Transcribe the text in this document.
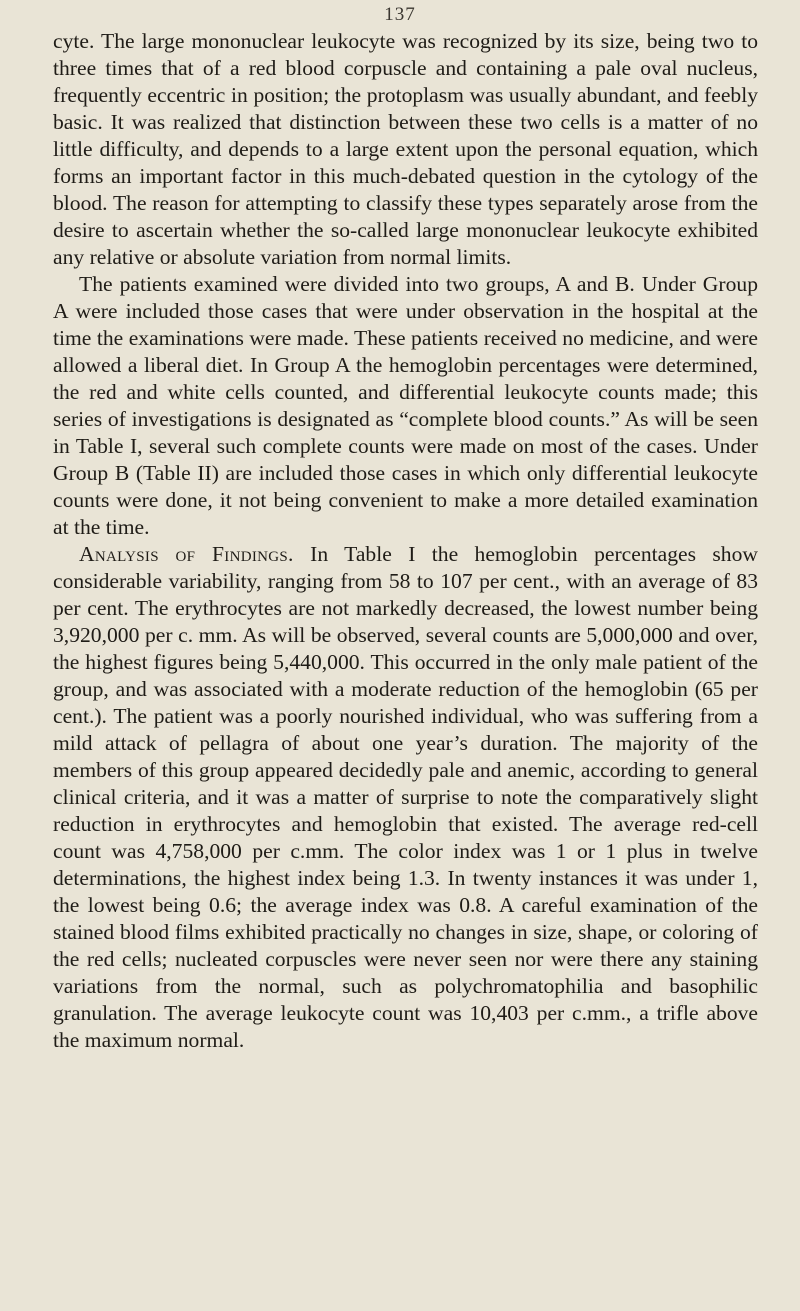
137

cyte. The large mononuclear leukocyte was recognized by its size, being two to three times that of a red blood corpuscle and containing a pale oval nucleus, frequently eccentric in position; the protoplasm was usually abundant, and feebly basic. It was realized that distinction between these two cells is a matter of no little difficulty, and depends to a large extent upon the personal equation, which forms an important factor in this much-debated question in the cytology of the blood. The reason for attempting to classify these types separately arose from the desire to ascertain whether the so-called large mononuclear leukocyte exhibited any relative or absolute variation from normal limits.

The patients examined were divided into two groups, A and B. Under Group A were included those cases that were under observation in the hospital at the time the examinations were made. These patients received no medicine, and were allowed a liberal diet. In Group A the hemoglobin percentages were determined, the red and white cells counted, and differential leukocyte counts made; this series of investigations is designated as “complete blood counts.” As will be seen in Table I, several such complete counts were made on most of the cases. Under Group B (Table II) are included those cases in which only differential leukocyte counts were done, it not being convenient to make a more detailed examination at the time.

Analysis of Findings. In Table I the hemoglobin percentages show considerable variability, ranging from 58 to 107 per cent., with an average of 83 per cent. The erythrocytes are not markedly decreased, the lowest number being 3,920,000 per c. mm. As will be observed, several counts are 5,000,000 and over, the highest figures being 5,440,000. This occurred in the only male patient of the group, and was associated with a moderate reduction of the hemoglobin (65 per cent.). The patient was a poorly nourished individual, who was suffering from a mild attack of pellagra of about one year’s duration. The majority of the members of this group appeared decidedly pale and anemic, according to general clinical criteria, and it was a matter of surprise to note the comparatively slight reduction in erythrocytes and hemoglobin that existed. The average red-cell count was 4,758,000 per c.mm. The color index was 1 or 1 plus in twelve determinations, the highest index being 1.3. In twenty instances it was under 1, the lowest being 0.6; the average index was 0.8. A careful examination of the stained blood films exhibited practically no changes in size, shape, or coloring of the red cells; nucleated corpuscles were never seen nor were there any staining variations from the normal, such as polychromatophilia and basophilic granulation. The average leukocyte count was 10,403 per c.mm., a trifle above the maximum normal.
